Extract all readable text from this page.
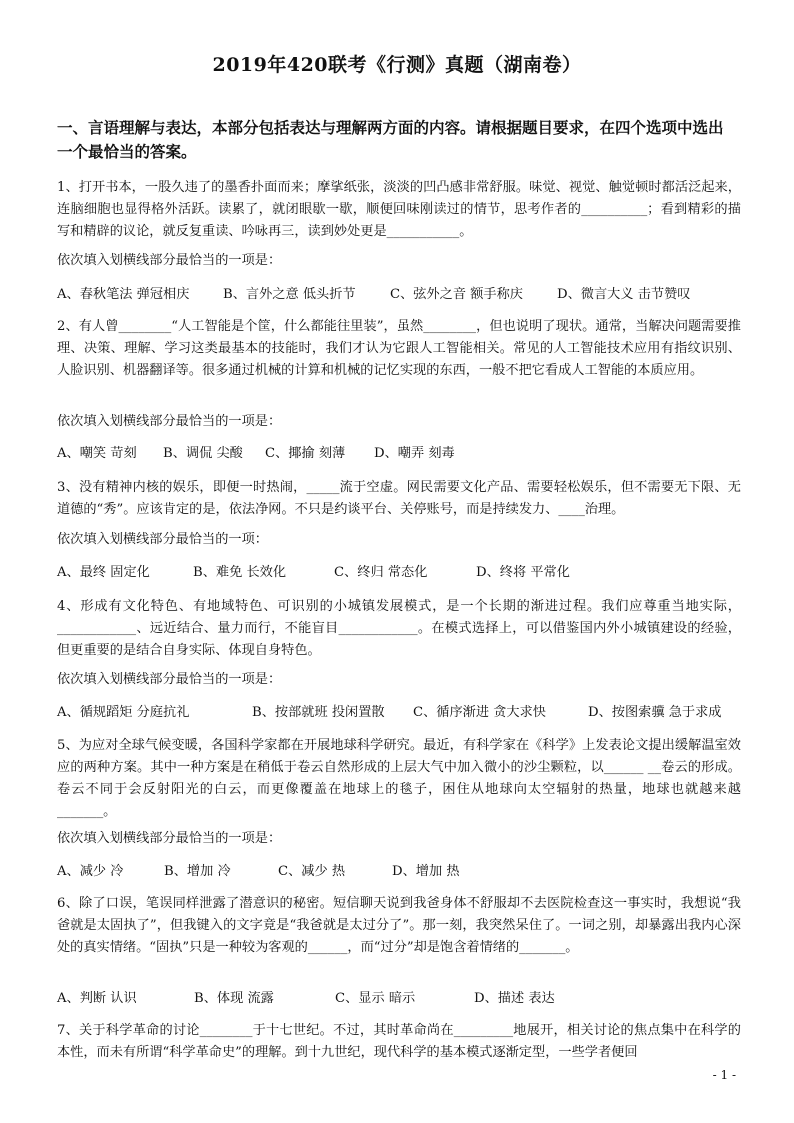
2019年420联考《行测》真题（湖南卷）
一、言语理解与表达，本部分包括表达与理解两方面的内容。请根据题目要求，在四个选项中选出一个最恰当的答案。
1、打开书本，一股久违了的墨香扑面而来；摩挲纸张，淡淡的凹凸感非常舒服。味觉、视觉、触觉顿时都活泛起来，连脑细胞也显得格外活跃。读累了，就闭眼歇一歇，顺便回味刚读过的情节，思考作者的__________；看到精彩的描写和精辟的议论，就反复重读、吟咏再三，读到妙处更是___________。
依次填入划横线部分最恰当的一项是：
A、春秋笔法 弹冠相庆	B、言外之意 低头折节	C、弦外之音 额手称庆	D、微言大义 击节赞叹
2、有人曾________“人工智能是个筐，什么都能往里装”，虽然________，但也说明了现状。通常，当解决问题需要推理、决策、理解、学习这类最基本的技能时，我们才认为它跟人工智能相关。常见的人工智能技术应用有指纹识别、人脸识别、机器翻译等。很多通过机械的计算和机械的记忆实现的东西，一般不把它看成人工智能的本质应用。
依次填入划横线部分最恰当的一项是：
A、嘲笑 苛刻 B、调侃 尖酸 C、揶揄 刻薄 D、嘲弄 刻毒
3、没有精神内核的娱乐，即便一时热闹，_____流于空虚。网民需要文化产品、需要轻松娱乐，但不需要无下限、无道德的“秀”。应该肯定的是，依法净网。不只是约谈平台、关停账号，而是持续发力、____治理。
依次填入划横线部分最恰当的一项：
A、最终 固定化	B、难免 长效化	C、终归 常态化	D、终将 平常化
4、形成有文化特色、有地域特色、可识别的小城镇发展模式，是一个长期的渐进过程。我们应尊重当地实际，____________、远近结合、量力而行，不能盲目____________。在模式选择上，可以借鉴国内外小城镇建设的经验，但更重要的是结合自身实际、体现自身特色。
依次填入划横线部分最恰当的一项是：
A、循规蹈矩 分庭抗礼	B、按部就班 投闲置散 C、循序渐进 贪大求快	D、按图索骥 急于求成
5、为应对全球气候变暖，各国科学家都在开展地球科学研究。最近，有科学家在《科学》上发表论文提出缓解温室效应的两种方案。其中一种方案是在稍低于卷云自然形成的上层大气中加入微小的沙尘颗粒，以______ __卷云的形成。卷云不同于会反射阳光的白云，而更像覆盖在地球上的毯子，困住从地球向太空辐射的热量，地球也就越来越_______。
依次填入划横线部分最恰当的一项是：
A、减少 冷	B、增加 冷	C、减少 热	D、增加 热
6、除了口误，笔误同样泄露了潜意识的秘密。短信聊天说到我爸身体不舒服却不去医院检查这一事实时，我想说“我爸就是太固执了”，但我键入的文字竟是“我爸就是太过分了”。那一刻，我突然呆住了。一词之别，却暴露出我内心深处的真实情绪。“固执”只是一种较为客观的______，而“过分”却是饱含着情绪的_______。
A、判断 认识	B、体现 流露	C、显示 暗示	D、描述 表达
7、关于科学革命的讨论________于十七世纪。不过，其时革命尚在_________地展开，相关讨论的焦点集中在科学的本性，而未有所谓“科学革命史”的理解。到十九世纪，现代科学的基本模式逐渐定型，一些学者便回
- 1 -
